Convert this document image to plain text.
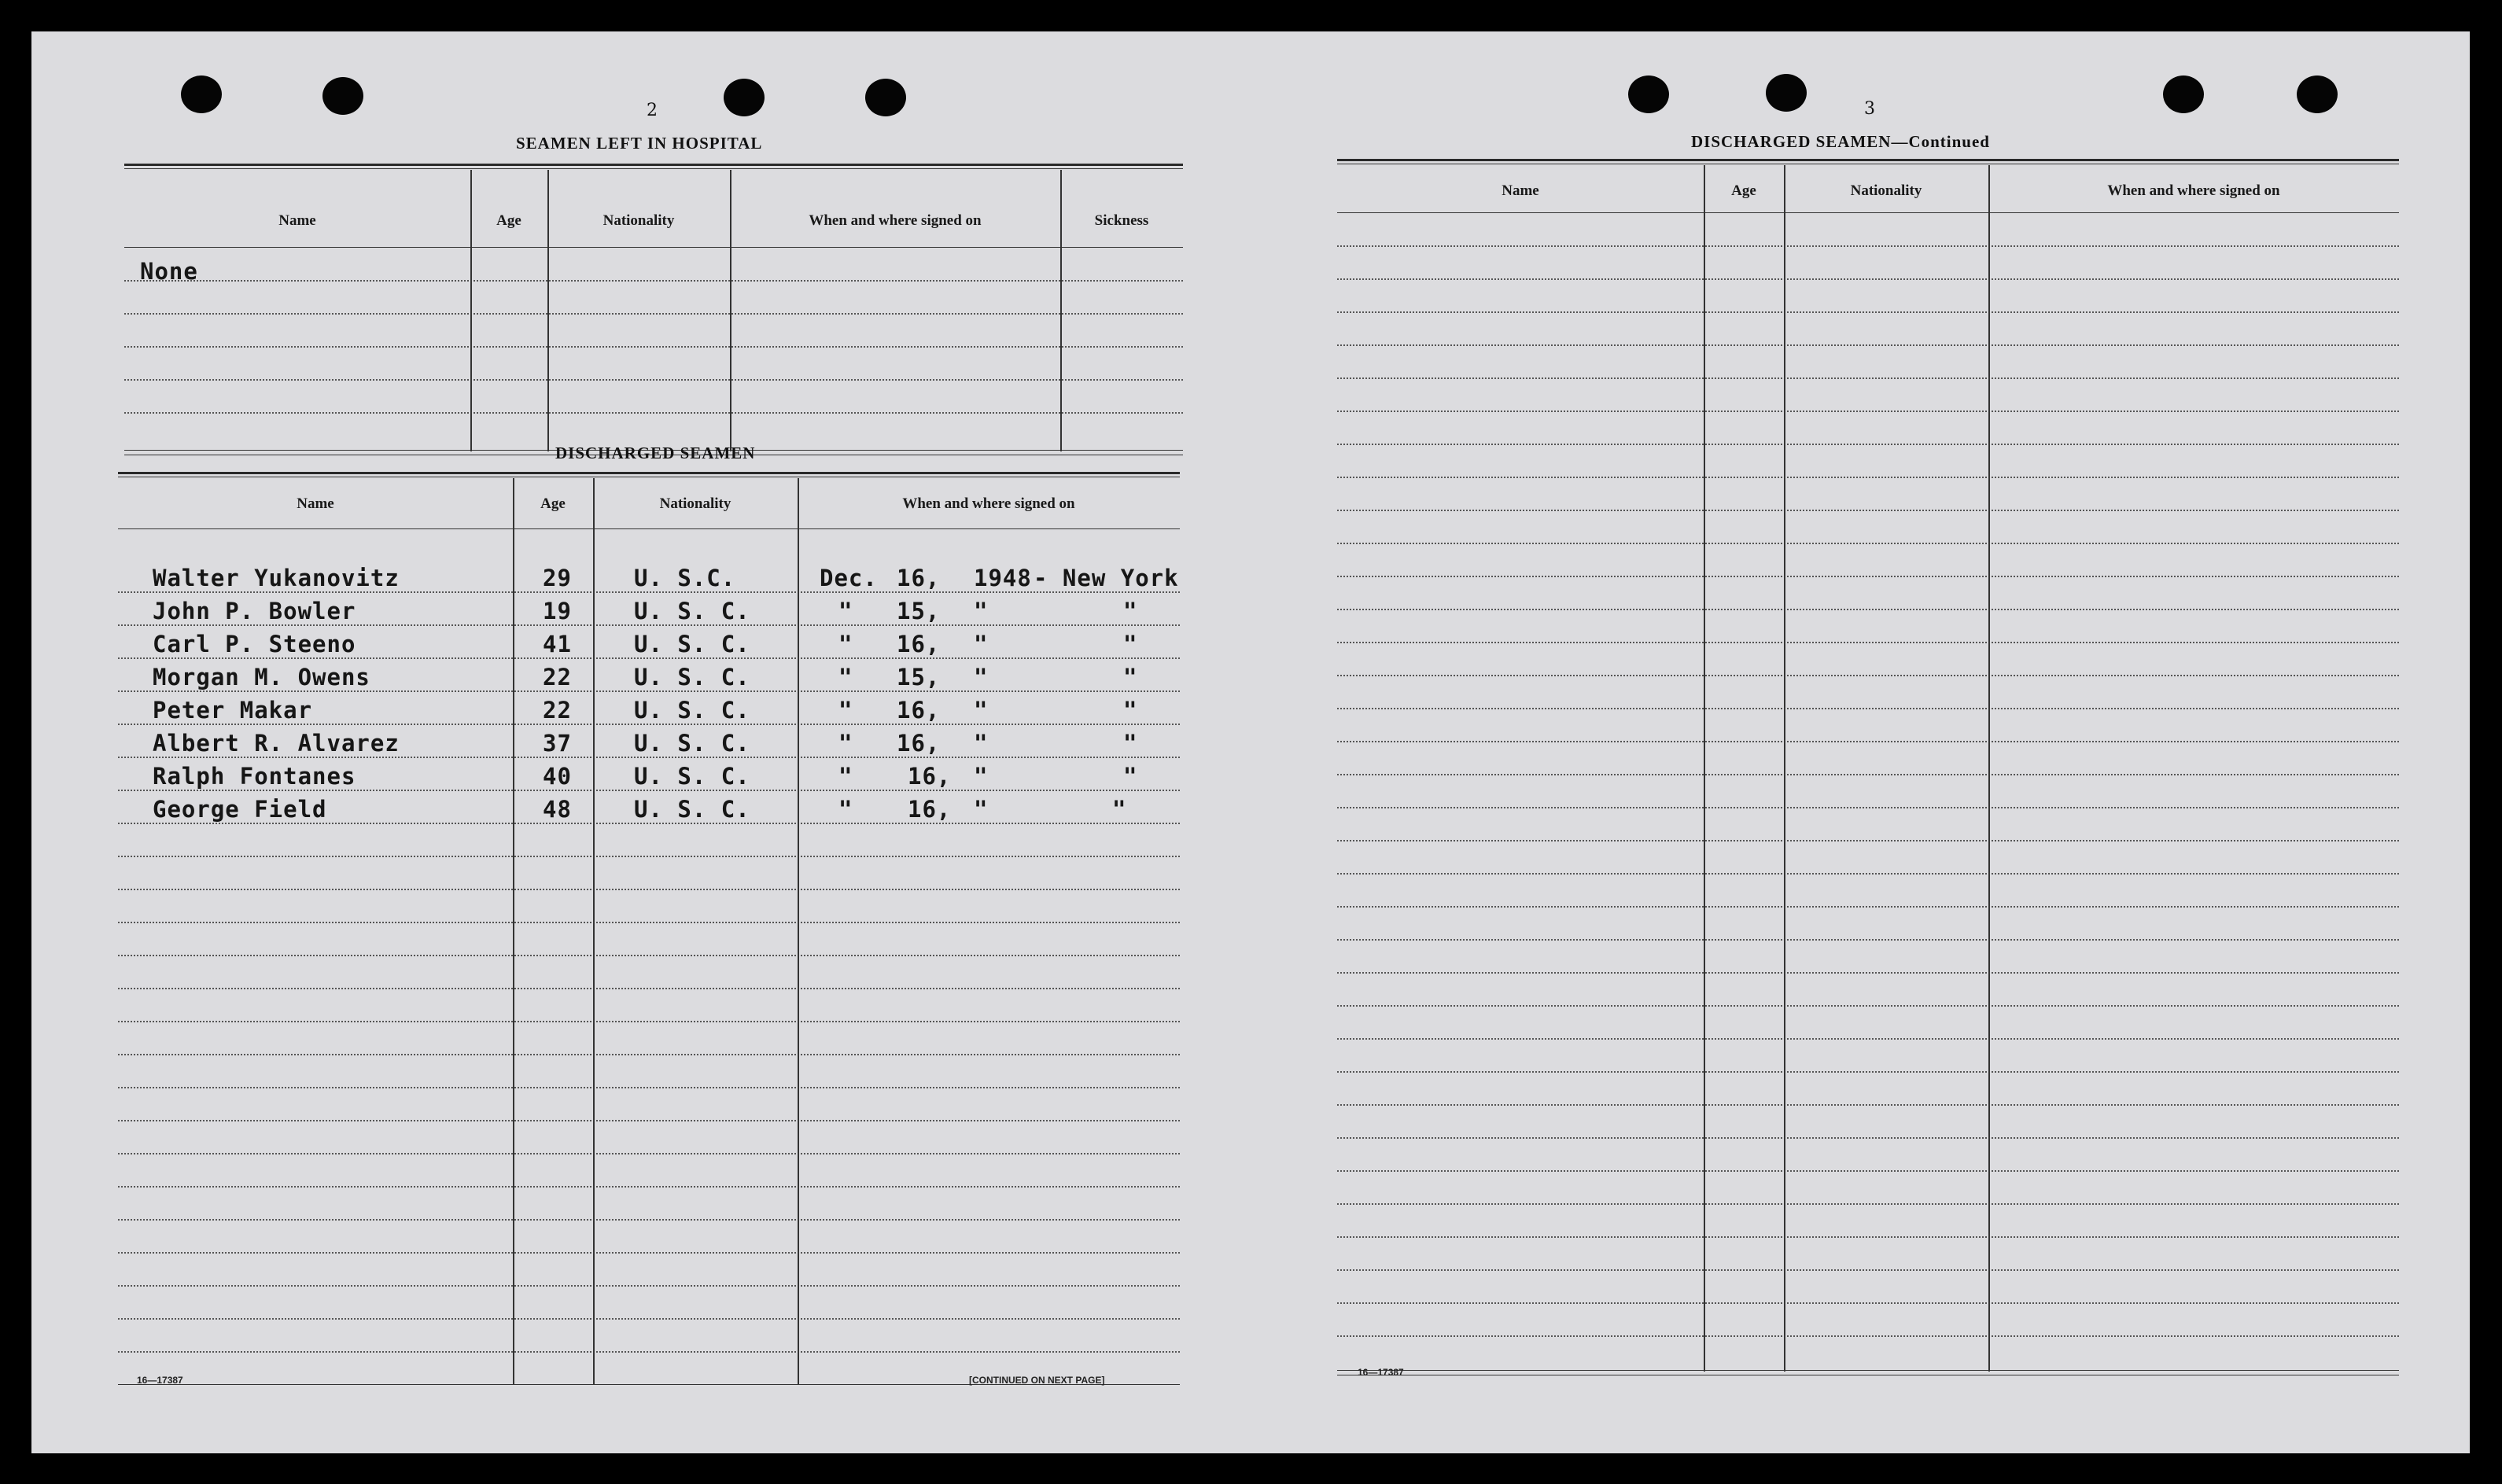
2
SEAMEN LEFT IN HOSPITAL
Name	Age	Nationality	When and where signed on	Sickness
None
DISCHARGED SEAMEN
Name	Age	Nationality	When and where signed on
Walter Yukanovitz	29	U. S.C.	Dec. 16, 1948 - New York
John P. Bowler	19	U. S. C.	" 15, "	"
Carl P. Steeno	41	U. S. C.	" 16, "	"
Morgan M. Owens	22	U. S. C.	" 15, "	"
Peter Makar	22	U. S. C.	" 16, "	"
Albert R. Alvarez	37	U. S. C.	" 16, "	"
Ralph Fontanes	40	U. S. C.	" 16, "	"
George Field	48	U. S. C.	" 16, "	"
16—17387	[CONTINUED ON NEXT PAGE]
3
DISCHARGED SEAMEN—Continued
Name	Age	Nationality	When and where signed on
16—17387
